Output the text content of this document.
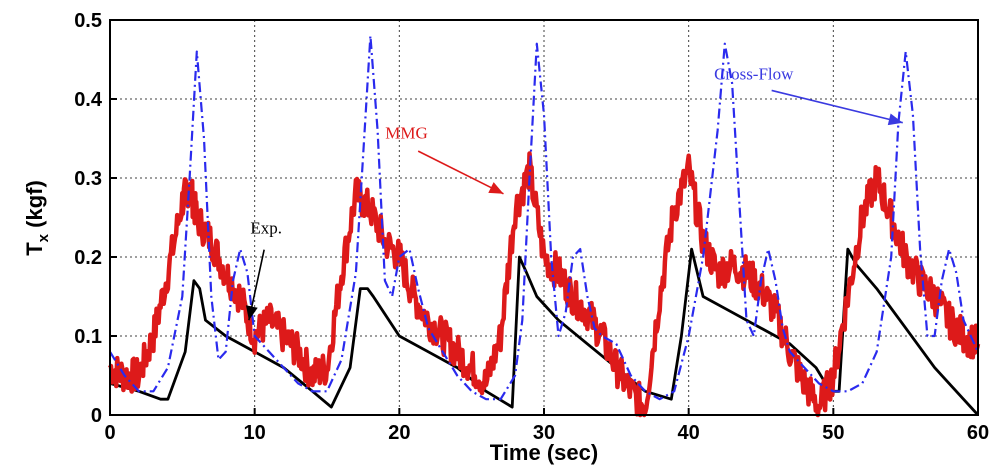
0	10	20	30	40	50	60
0
0.1
0.2
0.3
0.4
0.5
Exp.
MMG
Cross-Flow
Time (sec)
$T_x$ (kgf)
